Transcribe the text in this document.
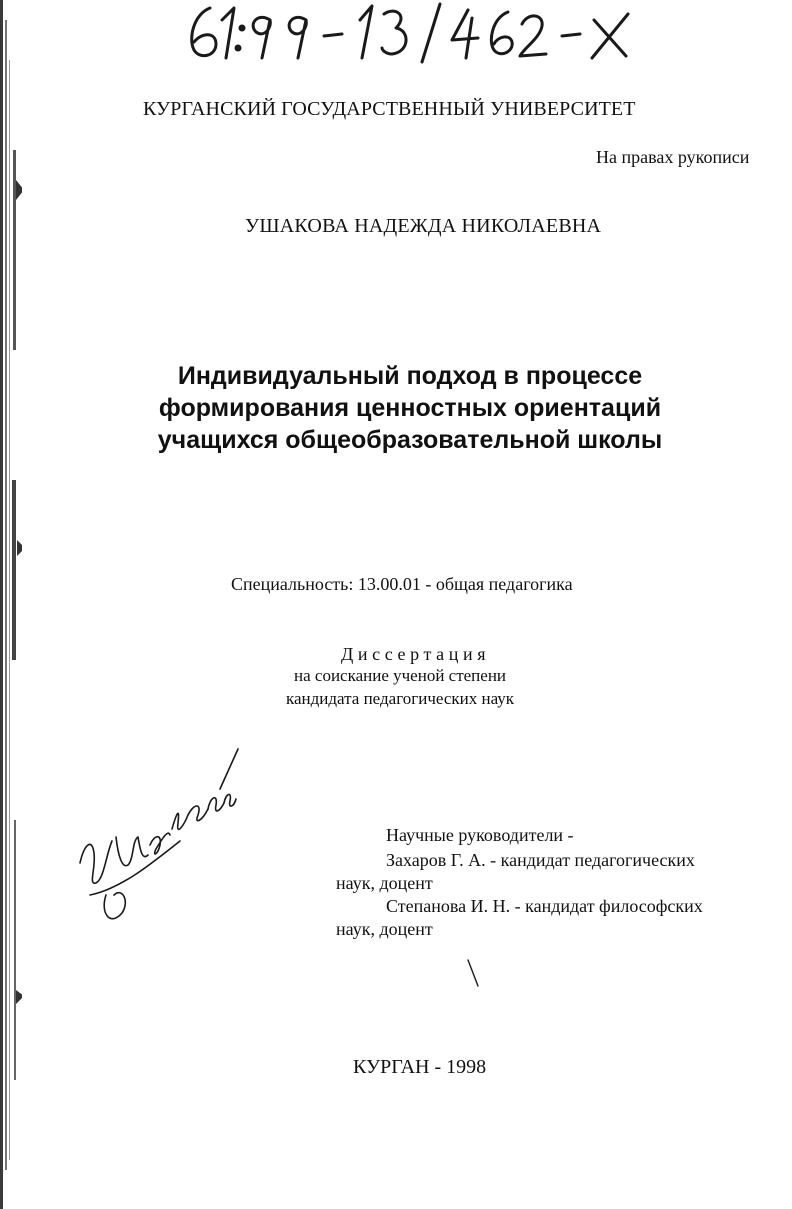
КУРГАНСКИЙ ГОСУДАРСТВЕННЫЙ УНИВЕРСИТЕТ
На правах рукописи
УШАКОВА НАДЕЖДА НИКОЛАЕВНА
Индивидуальный подход в процессе
формирования ценностных ориентаций
учащихся общеобразовательной школы
Специальность: 13.00.01 - общая педагогика
Диссертация
на соискание ученой степени
кандидата педагогических наук
Научные руководители -
Захаров Г. А. - кандидат педагогических
наук, доцент
Степанова И. Н. - кандидат философских
наук, доцент
КУРГАН - 1998
